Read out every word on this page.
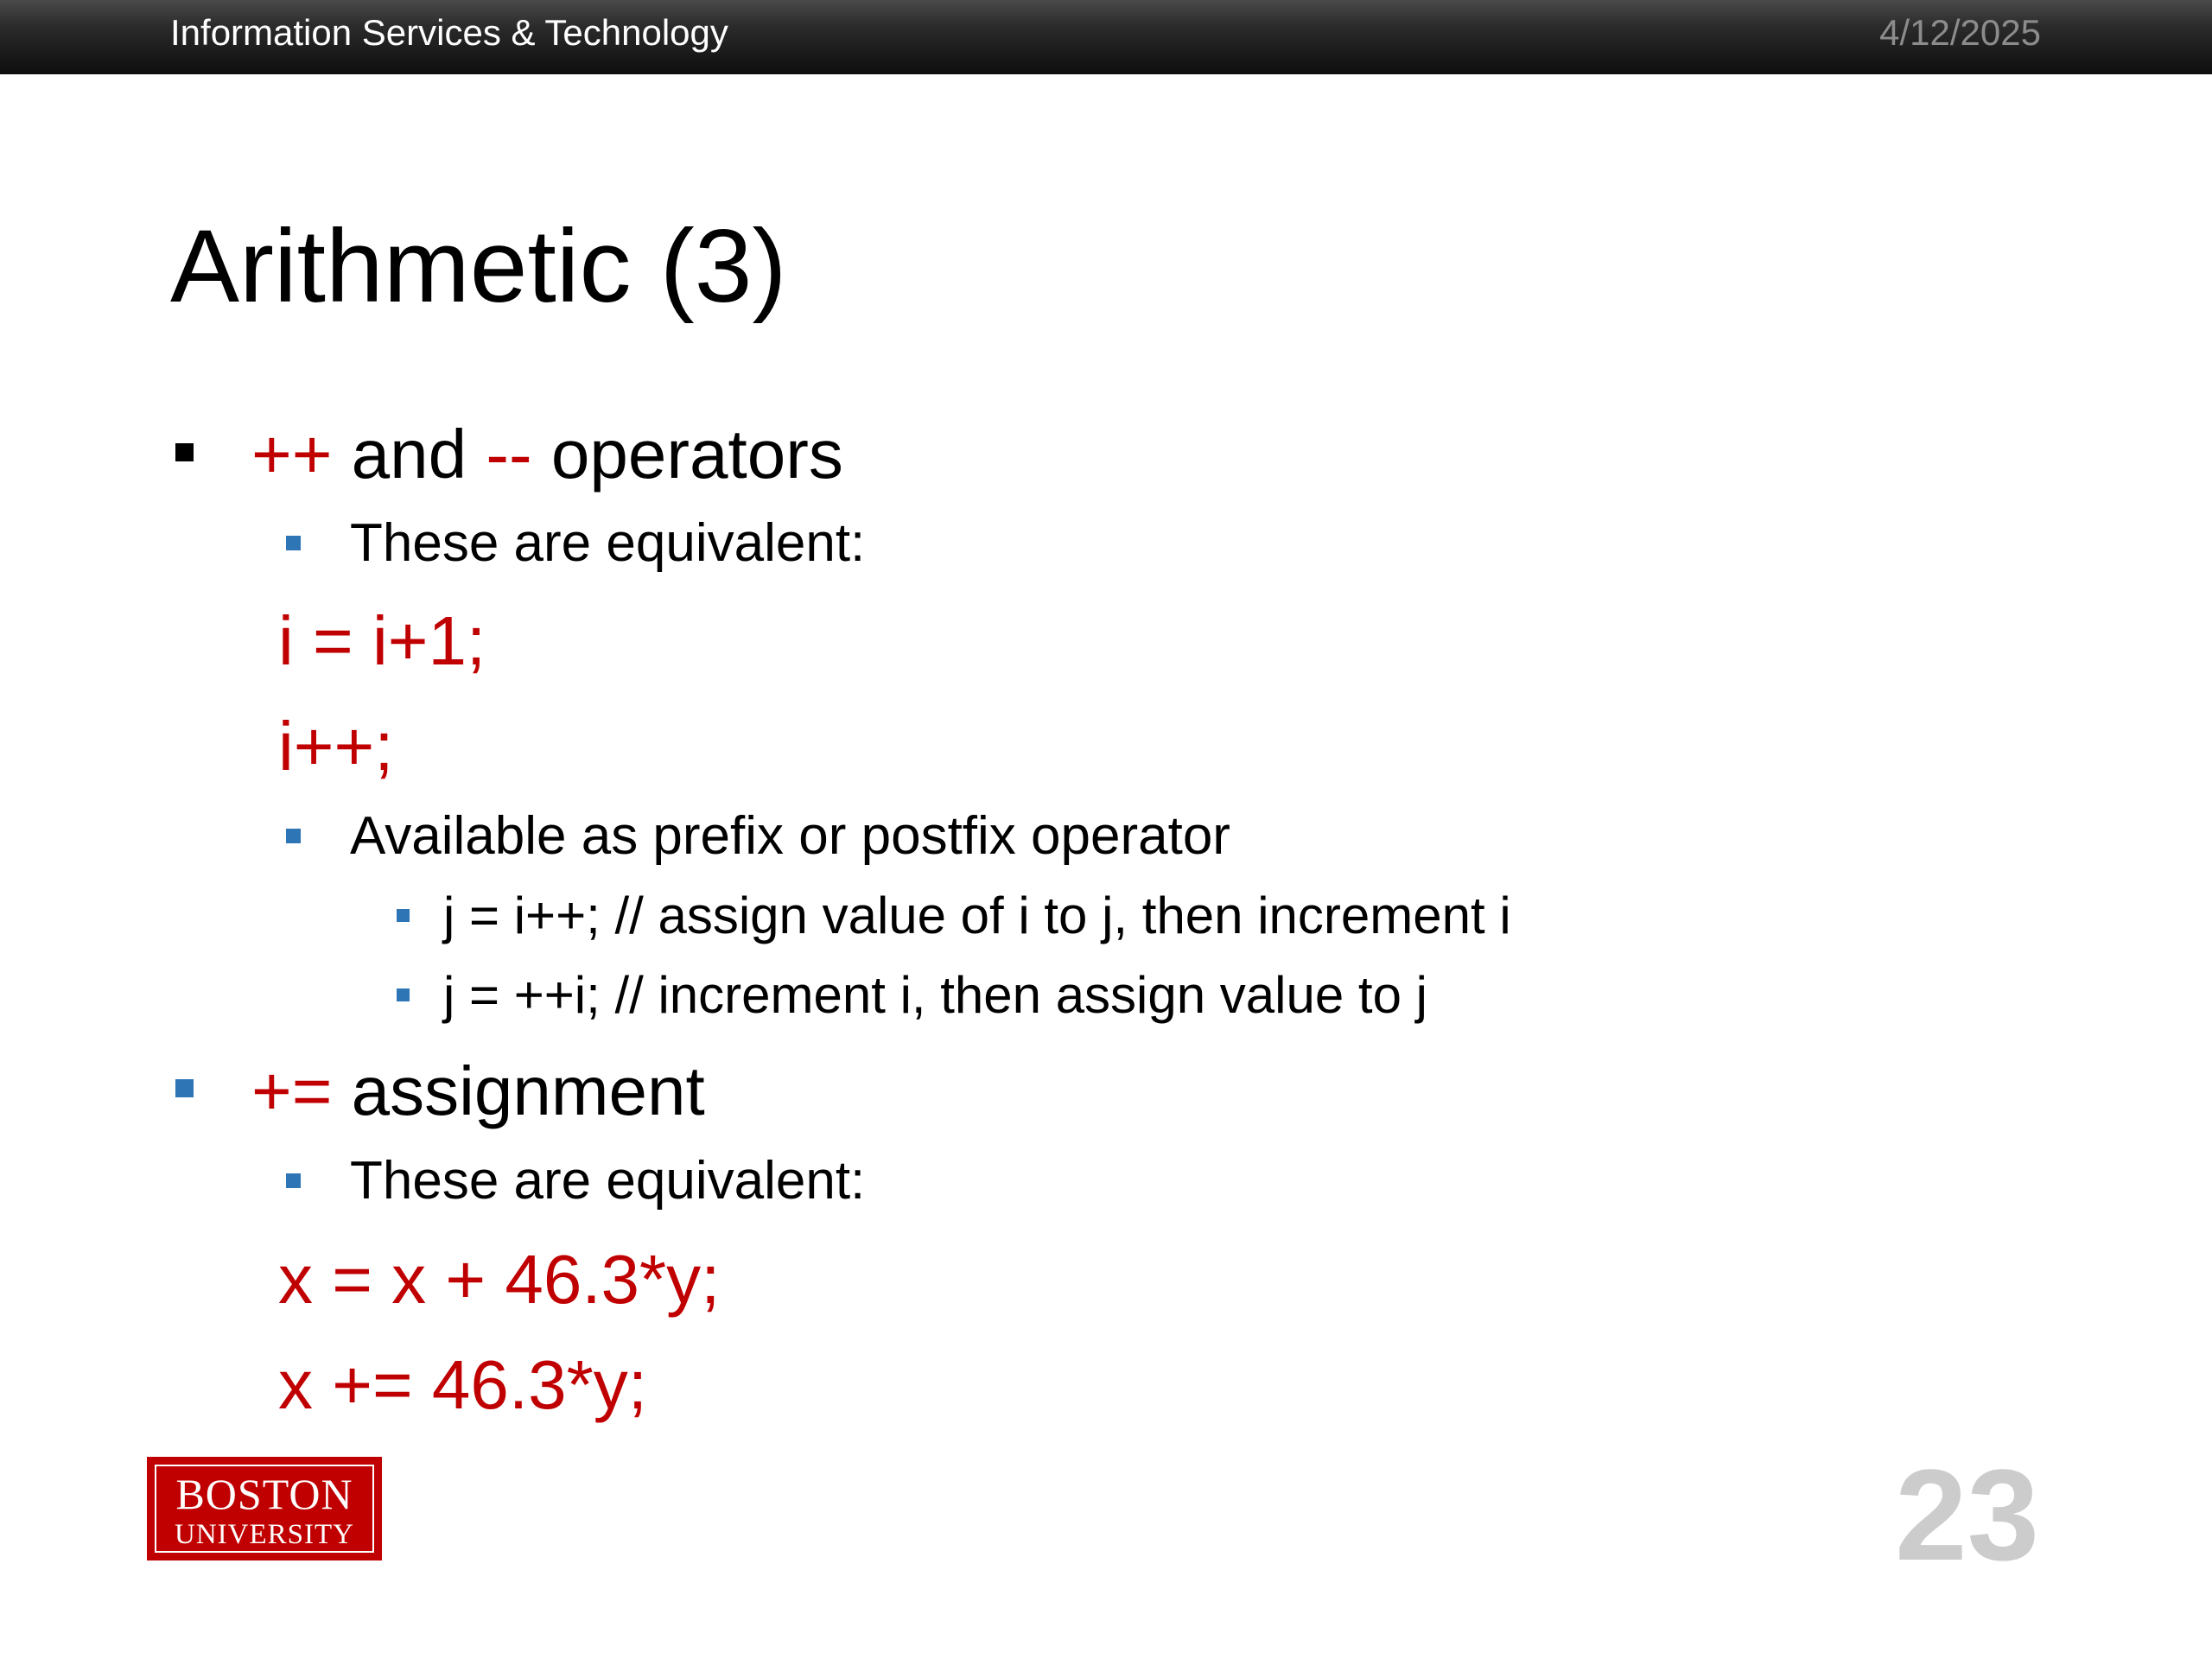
Information Services & Technology	4/12/2025
Arithmetic (3)
++ and -- operators
These are equivalent:
i = i+1;
i++;
Available as prefix or postfix operator
j = i++; // assign value of i to j, then increment i
j = ++i; // increment i, then assign value to j
+= assignment
These are equivalent:
x = x + 46.3*y;
x += 46.3*y;
BOSTON
UNIVERSITY	23
